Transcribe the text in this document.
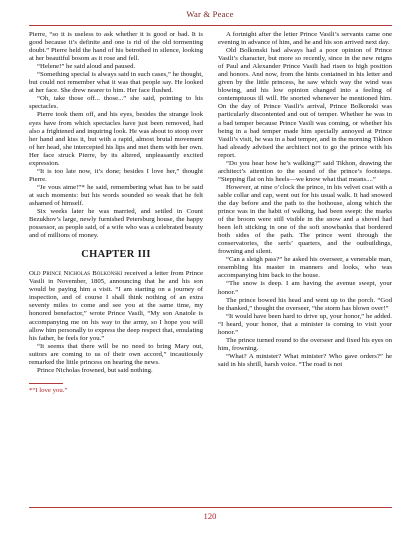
War & Peace

Pierre, “so it is useless to ask whether it is good or bad. It is good because it’s definite and one is rid of the old tormenting doubt.” Pierre held the hand of his betrothed in silence, looking at her beautiful bosom as it rose and fell.

“Helene!” he said aloud and paused.

“Something special is always said in such cases,” he thought, but could not remember what it was that people say. He looked at her face. She drew nearer to him. Her face flushed.

“Oh, take those off... those...” she said, pointing to his spectacles.

Pierre took them off, and his eyes, besides the strange look eyes have from which spectacles have just been removed, had also a frightened and inquiring look. He was about to stoop over her hand and kiss it, but with a rapid, almost brutal movement of her head, she intercepted his lips and met them with her own. Her face struck Pierre, by its altered, unpleasantly excited expression.

“It is too late now, it’s done; besides I love her,” thought Pierre.

“Je vous aime!”* he said, remembering what has to be said at such moments: but his words sounded so weak that he felt ashamed of himself.

Six weeks later he was married, and settled in Count Bezukhov’s large, newly furnished Petersburg house, the happy possessor, as people said, of a wife who was a celebrated beauty and of millions of money.

CHAPTER III

Old Prince Nicholas Bolkonski received a letter from Prince Vasili in November, 1805, announcing that he and his son would be paying him a visit. “I am starting on a journey of inspection, and of course I shall think nothing of an extra seventy miles to come and see you at the same time, my honored benefactor,” wrote Prince Vasili, “My son Anatole is accompanying me on his way to the army, so I hope you will allow him personally to express the deep respect that, emulating his father, he feels for you.”

“It seems that there will be no need to bring Mary out, suitors are coming to us of their own accord,” incautiously remarked the little princess on hearing the news.

Prince Nicholas frowned, but said nothing.

*“I love you.”

A fortnight after the letter Prince Vasili’s servants came one evening in advance of him, and he and his son arrived next day.

Old Bolkonski had always had a poor opinion of Prince Vasili’s character, but more so recently, since in the new reigns of Paul and Alexander Prince Vasili had risen to high position and honors. And now, from the hints contained in his letter and given by the little princess, he saw which way the wind was blowing, and his low opinion changed into a feeling of contemptuous ill will. He snorted whenever he mentioned him. On the day of Prince Vasili’s arrival, Prince Bolkonski was particularly discontented and out of temper. Whether he was in a bad temper because Prince Vasili was coming, or whether his being in a bad temper made him specially annoyed at Prince Vasili’s visit, he was in a bad temper, and in the morning Tikhon had already advised the architect not to go the prince with his report.

“Do you hear how he’s walking?” said Tikhon, drawing the architect’s attention to the sound of the prince’s footsteps. “Stepping flat on his heels—we know what that means....”

However, at nine o’clock the prince, in his velvet coat with a sable collar and cap, went out for his usual walk. It had snowed the day before and the path to the hothouse, along which the prince was in the habit of walking, had been swept: the marks of the broom were still visible in the snow and a shovel had been left sticking in one of the soft snowbanks that bordered both sides of the path. The prince went through the conservatories, the serfs’ quarters, and the outbuildings, frowning and silent.

“Can a sleigh pass?” he asked his overseer, a venerable man, resembling his master in manners and looks, who was accompanying him back to the house.

“The snow is deep. I am having the avenue swept, your honor.”

The prince bowed his head and went up to the porch. “God be thanked,” thought the overseer, “the storm has blown over!”

“It would have been hard to drive up, your honor,” he added. “I heard, your honor, that a minister is coming to visit your honor.”

The prince turned round to the overseer and fixed his eyes on him, frowning.

“What? A minister? What minister? Who gave orders?” he said in his shrill, harsh voice. “The road is not

120
